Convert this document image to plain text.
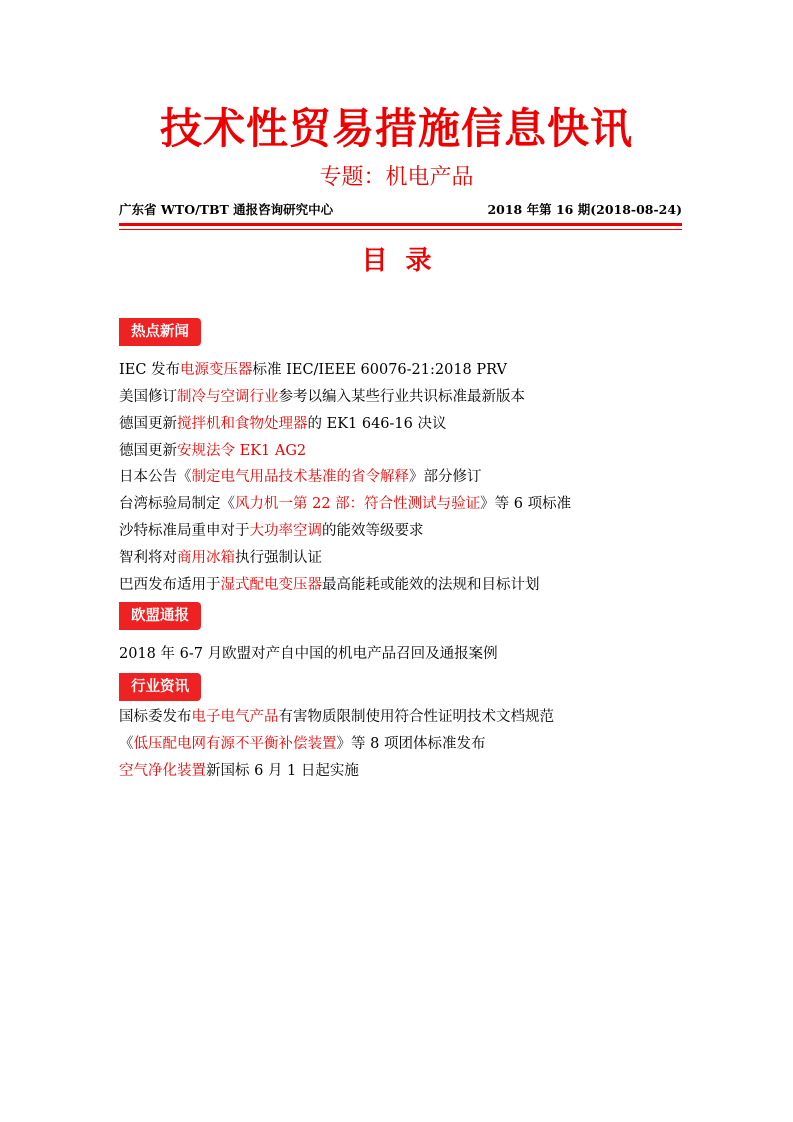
技术性贸易措施信息快讯
专题：机电产品
广东省 WTO/TBT 通报咨询研究中心	2018 年第 16 期(2018-08-24)
目录
热点新闻
IEC 发布电源变压器标准 IEC/IEEE 60076-21:2018 PRV
美国修订制冷与空调行业参考以编入某些行业共识标准最新版本
德国更新搅拌机和食物处理器的 EK1 646-16 决议
德国更新安规法令 EK1 AG2
日本公告《制定电气用品技术基准的省令解释》部分修订
台湾标验局制定《风力机一第 22 部：符合性测试与验证》等 6 项标准
沙特标准局重申对于大功率空调的能效等级要求
智利将对商用冰箱执行强制认证
巴西发布适用于湿式配电变压器最高能耗或能效的法规和目标计划
欧盟通报
2018 年 6-7 月欧盟对产自中国的机电产品召回及通报案例
行业资讯
国标委发布电子电气产品有害物质限制使用符合性证明技术文档规范
《低压配电网有源不平衡补偿装置》等 8 项团体标准发布
空气净化装置新国标 6 月 1 日起实施
